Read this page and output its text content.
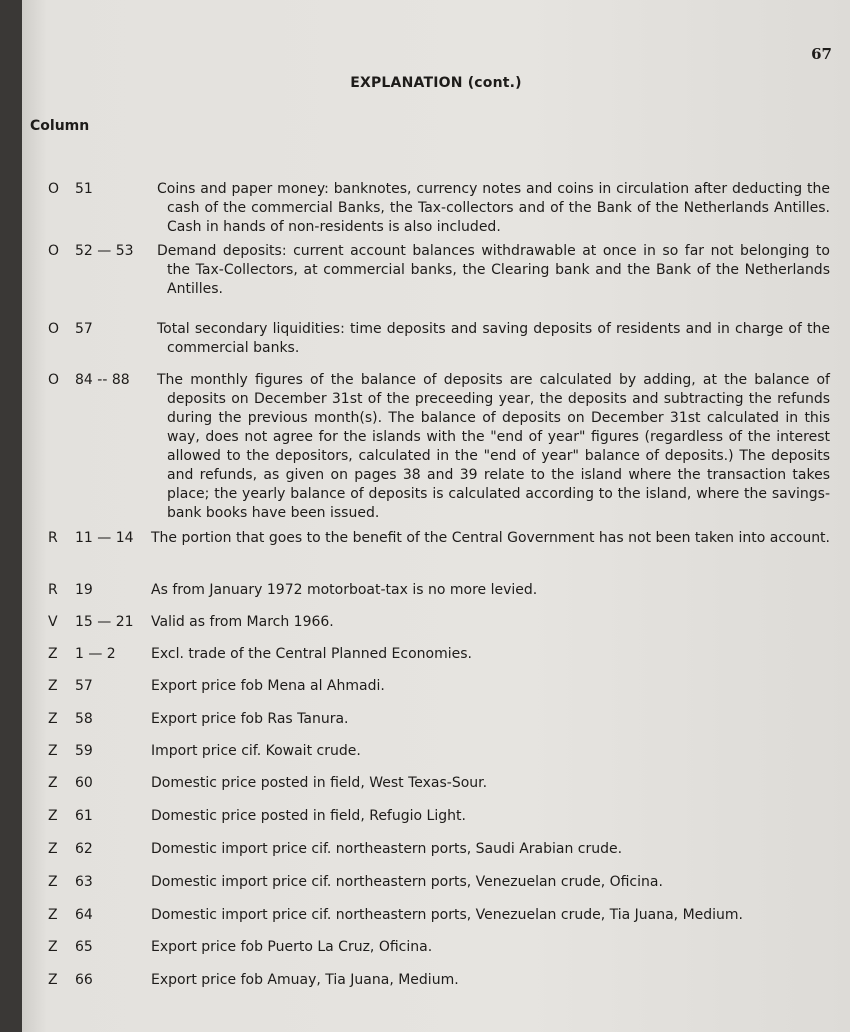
67
EXPLANATION (cont.)
Column
O 51	Coins and paper money: banknotes, currency notes and coins in circulation after deducting the cash of the commercial Banks, the Tax-collectors and of the Bank of the Netherlands Antilles. Cash in hands of non-residents is also included.
O 52 — 53 Demand deposits: current account balances withdrawable at once in so far not belonging to the Tax-Collectors, at commercial banks, the Clearing bank and the Bank of the Netherlands Antilles.
O 57	Total secondary liquidities: time deposits and saving deposits of residents and in charge of the commercial banks.
O 84 -- 88 The monthly figures of the balance of deposits are calculated by adding, at the balance of deposits on December 31st of the preceeding year, the deposits and subtracting the refunds during the previous month(s). The balance of deposits on December 31st calculated in this way, does not agree for the islands with the "end of year" figures (regardless of the interest allowed to the depositors, calculated in the "end of year" balance of deposits.) The deposits and refunds, as given on pages 38 and 39 relate to the island where the transaction takes place; the yearly balance of deposits is calculated according to the island, where the savings-bank books have been issued.
R 11 — 14 The portion that goes to the benefit of the Central Government has not been taken into account.
R 19	As from January 1972 motorboat-tax is no more levied.
V 15 — 21 Valid as from March 1966.
Z 1 — 2	Excl. trade of the Central Planned Economies.
Z 57	Export price fob Mena al Ahmadi.
Z 58	Export price fob Ras Tanura.
Z 59	Import price cif. Kowait crude.
Z 60	Domestic price posted in field, West Texas-Sour.
Z 61	Domestic price posted in field, Refugio Light.
Z 62	Domestic import price cif. northeastern ports, Saudi Arabian crude.
Z 63	Domestic import price cif. northeastern ports, Venezuelan crude, Oficina.
Z 64	Domestic import price cif. northeastern ports, Venezuelan crude, Tia Juana, Medium.
Z 65	Export price fob Puerto La Cruz, Oficina.
Z 66	Export price fob Amuay, Tia Juana, Medium.
